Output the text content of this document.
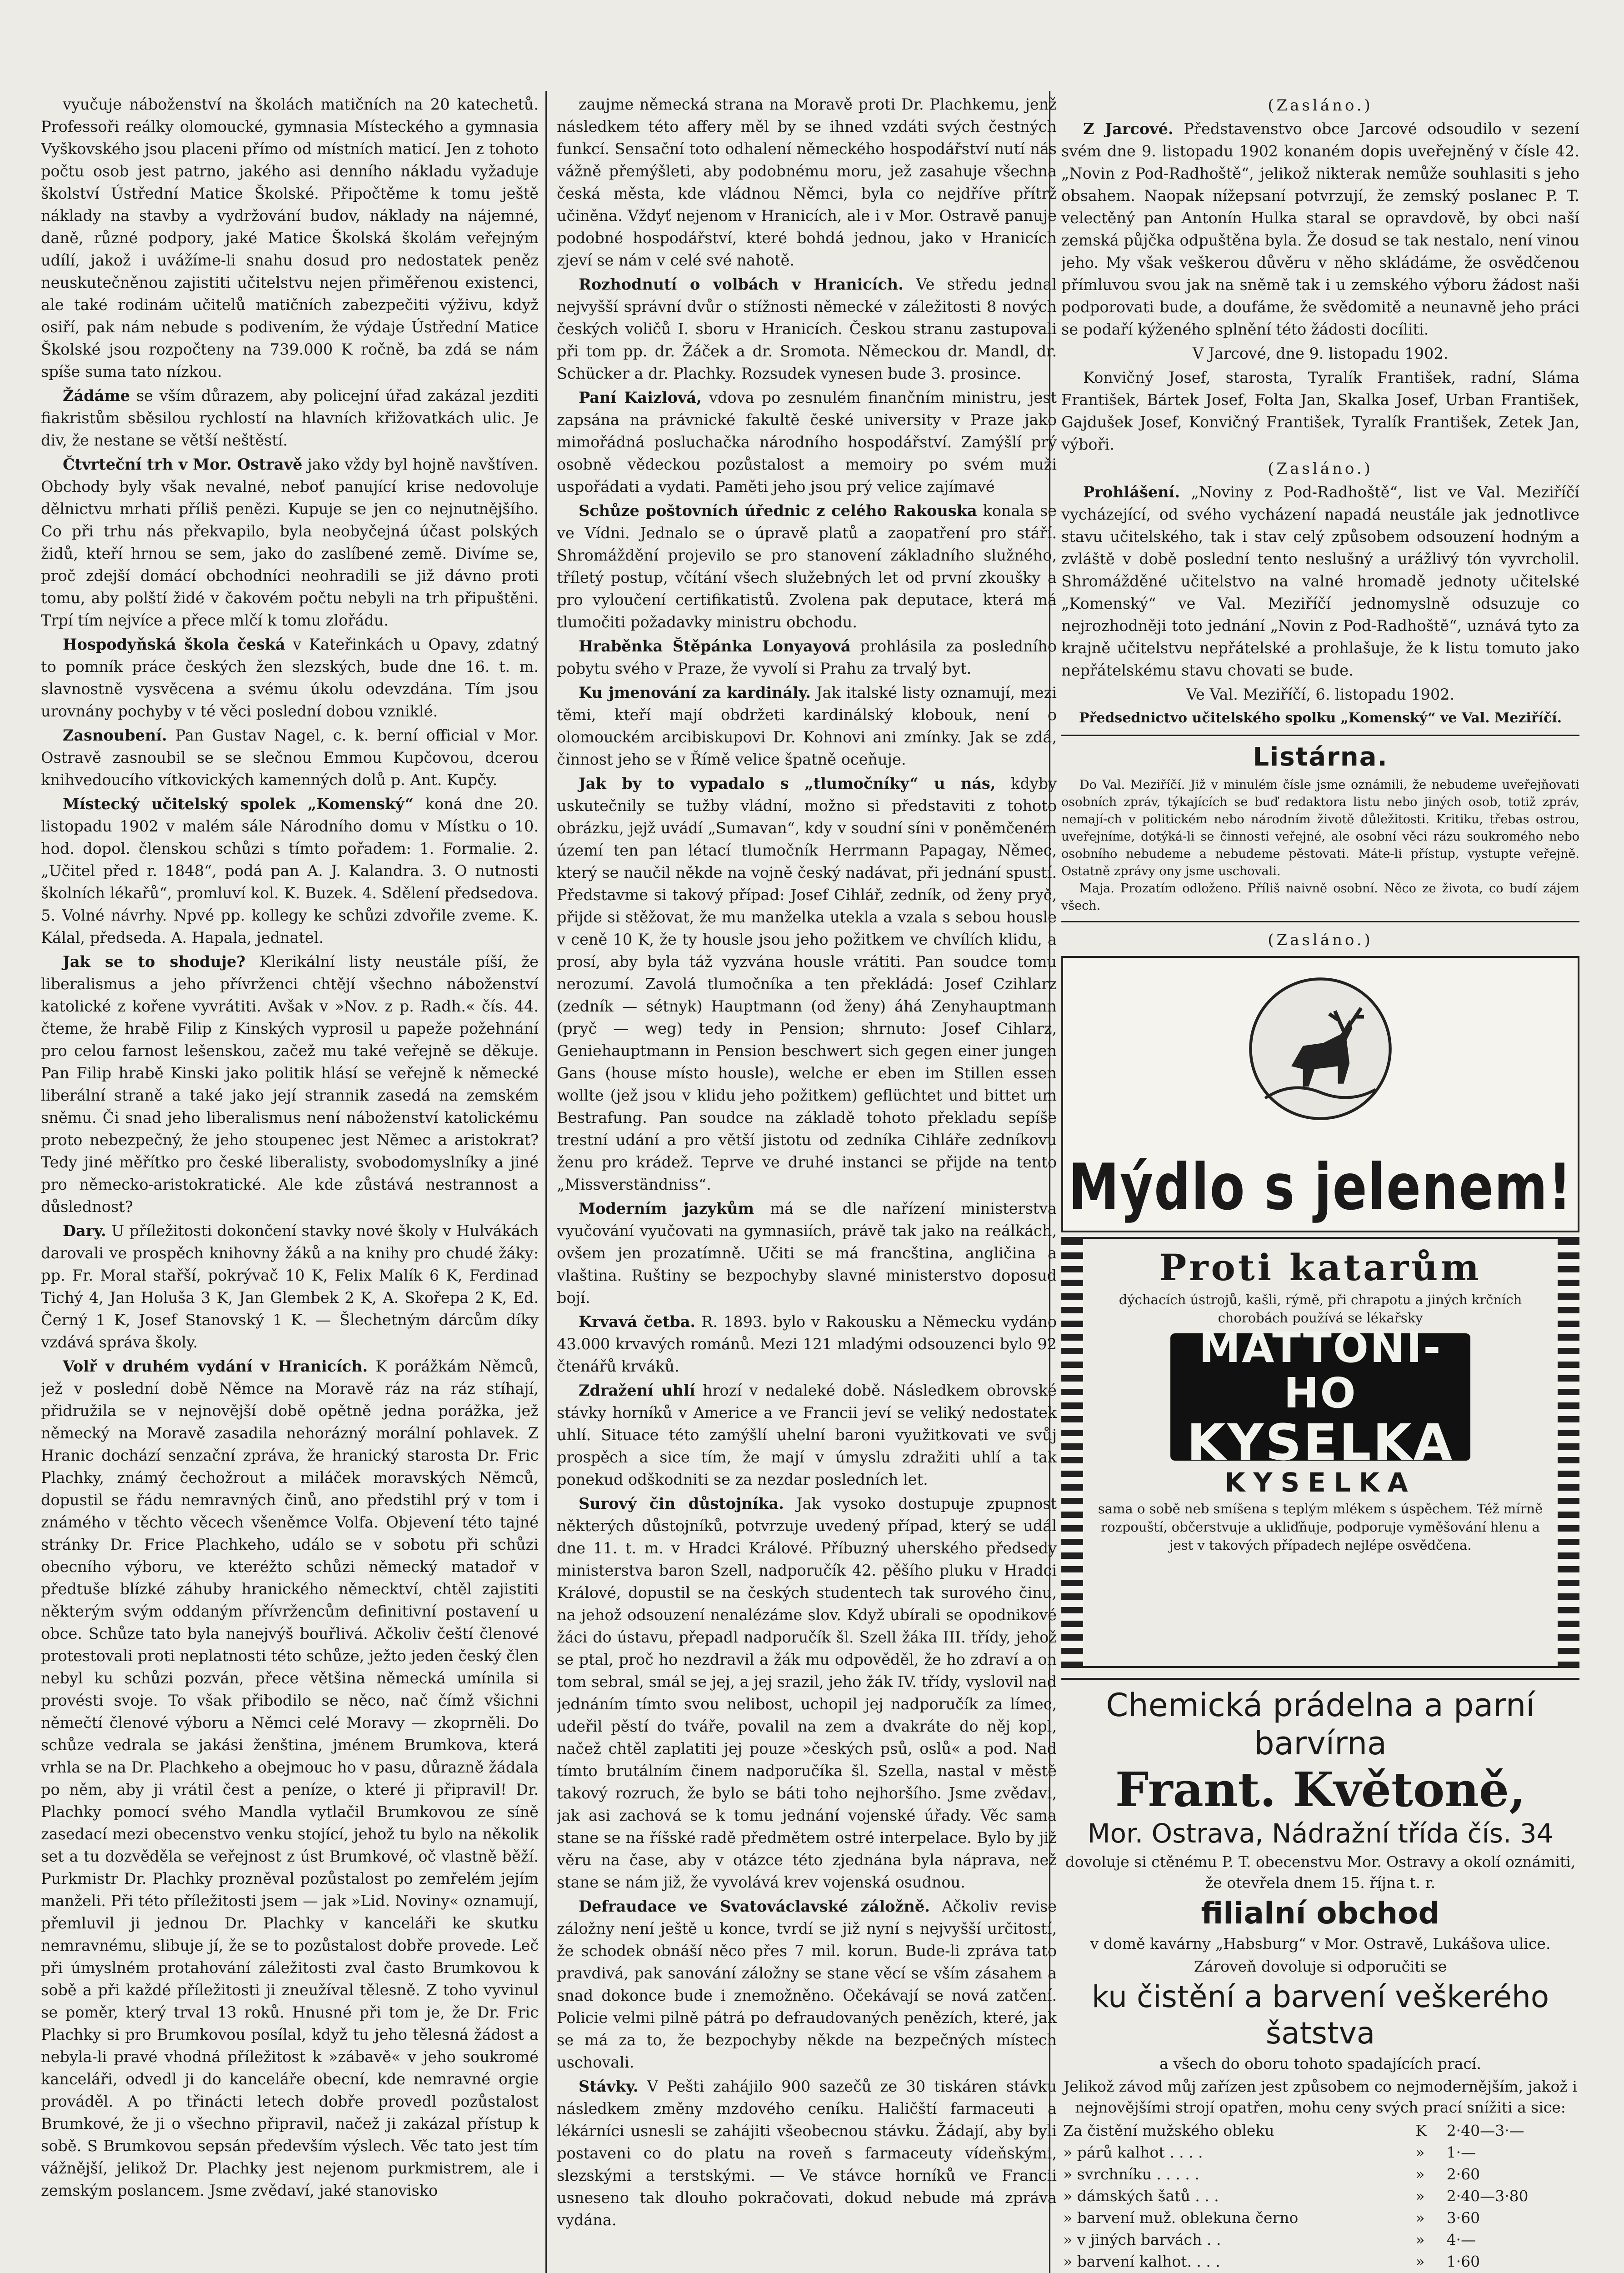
vyučuje náboženství na školách matičních na 20 katechetů. Professoři reálky olomoucké, gymnasia Místeckého a gymnasia Vyškovského jsou placeni přímo od místních maticí. Jen z tohoto počtu osob jest patrno, jakého asi denního nákladu vyžaduje školství Ústřední Matice Školské. Připočtěme k tomu ještě náklady na stavby a vydržování budov, náklady na nájemné, daně, různé podpory, jaké Matice Školská školám veřejným udílí, jakož i uvážíme-li snahu dosud pro nedostatek peněz neuskutečněnou zajistiti učitelstvu nejen přiměřenou existenci, ale také rodinám učitelů matičních zabezpečiti výživu, když osiří, pak nám nebude s podivením, že výdaje Ústřední Matice Školské jsou rozpočteny na 739.000 K ročně, ba zdá se nám spíše suma tato nízkou.

Žádáme se vším důrazem, aby policejní úřad zakázal jezditi fiakristům sběsilou rychlostí na hlavních křižovatkách ulic. Je div, že nestane se větší neštěstí.

Čtvrteční trh v Mor. Ostravě jako vždy byl hojně navštíven. Obchody byly však nevalné, neboť panující krise nedovoluje dělnictvu mrhati příliš penězi. Kupuje se jen co nejnutnějšího. Co při trhu nás překvapilo, byla neobyčejná účast polských židů, kteří hrnou se sem, jako do zaslíbené země. Divíme se, proč zdejší domácí obchodníci neohradili se již dávno proti tomu, aby polští židé v čakovém počtu nebyli na trh připuštěni. Trpí tím nejvíce a přece mlčí k tomu zlořádu.

Hospodyňská škola česká v Kateřinkách u Opavy, zdatný to pomník práce českých žen slezských, bude dne 16. t. m. slavnostně vysvěcena a svému úkolu odevzdána. Tím jsou urovnány pochyby v té věci poslední dobou vzniklé.

Zasnoubení. Pan Gustav Nagel, c. k. berní official v Mor. Ostravě zasnoubil se se slečnou Emmou Kupčovou, dcerou knihvedoucího vítkovických kamenných dolů p. Ant. Kupčy.

Místecký učitelský spolek „Komenský“ koná dne 20. listopadu 1902 v malém sále Národního domu v Místku o 10. hod. dopol. členskou schůzi s tímto pořadem: 1. Formalie. 2. „Učitel před r. 1848“, podá pan A. J. Kalandra. 3. O nutnosti školních lékařů“, promluví kol. K. Buzek. 4. Sdělení předsedova. 5. Volné návrhy. Npvé pp. kollegy ke schůzi zdvořile zveme. K. Kálal, předseda. A. Hapala, jednatel.

Jak se to shoduje? Klerikální listy neustále píší, že liberalismus a jeho přívrženci chtějí všechno náboženství katolické z kořene vyvrátiti. Avšak v »Nov. z p. Radh.« čís. 44. čteme, že hrabě Filip z Kinských vyprosil u papeže požehnání pro celou farnost lešenskou, začež mu také veřejně se děkuje. Pan Filip hrabě Kinski jako politik hlásí se veřejně k německé liberální straně a také jako její strannik zasedá na zemském sněmu. Či snad jeho liberalismus není náboženství katolickému proto nebezpečný, že jeho stoupenec jest Němec a aristokrat? Tedy jiné měřítko pro české liberalisty, svobodomyslníky a jiné pro německo-aristokratické. Ale kde zůstává nestrannost a důslednost?

Dary. U příležitosti dokončení stavky nové školy v Hulvákách darovali ve prospěch knihovny žáků a na knihy pro chudé žáky: pp. Fr. Moral stařší, pokrývač 10 K, Felix Malík 6 K, Ferdinad Tichý 4, Jan Holuša 3 K, Jan Glembek 2 K, A. Skořepa 2 K, Ed. Černý 1 K, Josef Stanovský 1 K. — Šlechetným dárcům díky vzdává správa školy.

Volř v druhém vydání v Hranicích. K porážkám Němců, jež v poslední době Němce na Moravě ráz na ráz stíhají, přidružila se v nejnovější době opětně jedna porážka, jež německý na Moravě zasadila nehorázný morální pohlavek. Z Hranic dochází senzační zpráva, že hranický starosta Dr. Fric Plachky, známý čechožrout a miláček moravských Němců, dopustil se řádu nemravných činů, ano předstihl prý v tom i známého v těchto věcech všeněmce Volfa. Objevení této tajné stránky Dr. Frice Plachkeho, událo se v sobotu při schůzi obecního výboru, ve kteréžto schůzi německý matadoř v předtuše blízké záhuby hranického německtví, chtěl zajistiti některým svým oddaným přívržencům definitivní postavení u obce. Schůze tato byla nanejvýš bouřlivá. Ačkoliv čeští členové protestovali proti neplatnosti této schůze, ježto jeden český člen nebyl ku schůzi pozván, přece většina německá umínila si provésti svoje. To však přibodilo se něco, nač čímž všichni němečtí členové výboru a Němci celé Moravy — zkoprněli. Do schůze vedrala se jakási ženština, jménem Brumkova, která vrhla se na Dr. Plachkeho a obejmouc ho v pasu, důrazně žádala po něm, aby ji vrátil čest a peníze, o které ji připravil! Dr. Plachky pomocí svého Mandla vytlačil Brumkovou ze síně zasedací mezi obecenstvo venku stojící, jehož tu bylo na několik set a tu dozvěděla se veřejnost z úst Brumkové, oč vlastně běží. Purkmistr Dr. Plachky prozněval pozůstalost po zemřelém jejím manželi. Při této příležitosti jsem — jak »Lid. Noviny« oznamují, přemluvil ji jednou Dr. Plachky v kanceláři ke skutku nemravnému, slibuje jí, že se to pozůstalost dobře provede. Leč při úmyslném protahování záležitosti zval často Brumkovou k sobě a při každé příležitosti ji zneužíval tělesně. Z toho vyvinul se poměr, který trval 13 roků. Hnusné při tom je, že Dr. Fric Plachky si pro Brumkovou posílal, když tu jeho tělesná žádost a nebyla-li pravé vhodná příležitost k »zábavě« v jeho soukromé kanceláři, odvedl ji do kanceláře obecní, kde nemravné orgie prováděl. A po třinácti letech dobře provedl pozůstalost Brumkové, že ji o všechno připravil, načež ji zakázal přístup k sobě. S Brumkovou sepsán především výslech. Věc tato jest tím vážnější, jelikož Dr. Plachky jest nejenom purkmistrem, ale i zemským poslancem. Jsme zvědaví, jaké stanovisko

zaujme německá strana na Moravě proti Dr. Plachkemu, jenž následkem této affery měl by se ihned vzdáti svých čestných funkcí. Sensační toto odhalení německého hospodářství nutí nás vážně přemýšleti, aby podobnému moru, jež zasahuje všechna česká města, kde vládnou Němci, byla co nejdříve přítrž učiněna. Vždyť nejenom v Hranicích, ale i v Mor. Ostravě panuje podobné hospodářství, které bohdá jednou, jako v Hranicích zjeví se nám v celé své nahotě.

Rozhodnutí o volbách v Hranicích. Ve středu jednal nejvyšší správní dvůr o stížnosti německé v záležitosti 8 nových českých voličů I. sboru v Hranicích. Českou stranu zastupovali při tom pp. dr. Žáček a dr. Sromota. Německou dr. Mandl, dr. Schücker a dr. Plachky. Rozsudek vynesen bude 3. prosince.

Paní Kaizlová, vdova po zesnulém finančním ministru, jest zapsána na právnické fakultě české university v Praze jako mimořádná posluchačka národního hospodářství. Zamýšlí prý osobně vědeckou pozůstalost a memoiry po svém muži uspořádati a vydati. Paměti jeho jsou prý velice zajímavé

Schůze poštovních úřednic z celého Rakouska konala se ve Vídni. Jednalo se o úpravě platů a zaopatření pro stáří. Shromáždění projevilo se pro stanovení základního služného, tříletý postup, včítání všech služebných let od první zkoušky a pro vyloučení certifikatistů. Zvolena pak deputace, která má tlumočiti požadavky ministru obchodu.

Hraběnka Štěpánka Lonyayová prohlásila za posledního pobytu svého v Praze, že vyvolí si Prahu za trvalý byt.

Ku jmenování za kardinály. Jak italské listy oznamují, mezi těmi, kteří mají obdržeti kardinálský klobouk, není o olomouckém arcibiskupovi Dr. Kohnovi ani zmínky. Jak se zdá, činnost jeho se v Římě velice špatně oceňuje.

Jak by to vypadalo s „tlumočníky“ u nás, kdyby uskutečnily se tužby vládní, možno si představiti z tohoto obrázku, jejž uvádí „Sumavan“, kdy v soudní síni v poněmčeném území ten pan létací tlumočník Herrmann Papagay, Němec, který se naučil někde na vojně český nadávat, při jednání spustí. Představme si takový případ: Josef Cihlář, zedník, od ženy pryč, přijde si stěžovat, že mu manželka utekla a vzala s sebou housle v ceně 10 K, že ty housle jsou jeho požitkem ve chvílích klidu, a prosí, aby byla táž vyzvána housle vrátiti. Pan soudce tomu nerozumí. Zavolá tlumočníka a ten překládá: Josef Czihlarz (zedník — sétnyk) Hauptmann (od ženy) áhá Zenyhauptmann (pryč — weg) tedy in Pension; shrnuto: Josef Cihlarz, Geniehauptmann in Pension beschwert sich gegen einer jungen Gans (house místo housle), welche er eben im Stillen essen wollte (jež jsou v klidu jeho požitkem) geflüchtet und bittet um Bestrafung. Pan soudce na základě tohoto překladu sepíše trestní udání a pro větší jistotu od zedníka Cihláře zedníkovu ženu pro krádež. Teprve ve druhé instanci se přijde na tento „Missverständniss“.

Moderním jazykům má se dle nařízení ministerstva vyučování vyučovati na gymnasiích, právě tak jako na reálkách, ovšem jen prozatímně. Učiti se má francština, angličina a vlaština. Ruštiny se bezpochyby slavné ministerstvo doposud bojí.

Krvavá četba. R. 1893. bylo v Rakousku a Německu vydáno 43.000 krvavých románů. Mezi 121 mladými odsouzenci bylo 92 čtenářů krváků.

Zdražení uhlí hrozí v nedaleké době. Následkem obrovské stávky horníků v Americe a ve Francii jeví se veliký nedostatek uhlí. Situace této zamýšlí uhelní baroni využitkovati ve svůj prospěch a sice tím, že mají v úmyslu zdražiti uhlí a tak ponekud odškodniti se za nezdar posledních let.

Surový čin důstojníka. Jak vysoko dostupuje zpupnost některých důstojníků, potvrzuje uvedený případ, který se udál dne 11. t. m. v Hradci Králové. Příbuzný uherského předsedy ministerstva baron Szell, nadporučík 42. pěšího pluku v Hradci Králové, dopustil se na českých studentech tak surového činu, na jehož odsouzení nenalézáme slov. Když ubírali se opodnikové žáci do ústavu, přepadl nadporučík šl. Szell žáka III. třídy, jehož se ptal, proč ho nezdravil a žák mu odpověděl, že ho zdraví a on tom sebral, smál se jej, a jej srazil, jeho žák IV. třídy, vyslovil nad jednáním tímto svou nelibost, uchopil jej nadporučík za límec, udeřil pěstí do tváře, povalil na zem a dvakráte do něj kopl, načež chtěl zaplatiti jej pouze »českých psů, oslů« a pod. Nad tímto brutálním činem nadporučíka šl. Szella, nastal v městě takový rozruch, že bylo se báti toho nejhoršího. Jsme zvědavi, jak asi zachová se k tomu jednání vojenské úřady. Věc sama stane se na říšské radě předmětem ostré interpelace. Bylo by již věru na čase, aby v otázce této zjednána byla náprava, než stane se nám již, že vyvolává krev vojenská osudnou.

Defraudace ve Svatováclavské záložně. Ačkoliv revise záložny není ještě u konce, tvrdí se již nyní s nejvyšší určitostí, že schodek obnáší něco přes 7 mil. korun. Bude-li zpráva tato pravdivá, pak sanování záložny se stane věcí se vším zásahem a snad dokonce bude i znemožněno. Očekávají se nová zatčení. Policie velmi pilně pátrá po defraudovaných penězích, které, jak se má za to, že bezpochyby někde na bezpečných místech uschovali.

Stávky. V Pešti zahájilo 900 sazečů ze 30 tiskáren stávku následkem změny mzdového ceníku. Haličští farmaceuti a lékárníci usnesli se zahájiti všeobecnou stávku. Žádají, aby byli postaveni co do platu na roveň s farmaceuty vídeňskými, slezskými a terstskými. — Ve stávce horníků ve Francii usneseno tak dlouho pokračovati, dokud nebude má zpráva vydána.

(Zasláno.)

Z Jarcové. Představenstvo obce Jarcové odsoudilo v sezení svém dne 9. listopadu 1902 konaném dopis uveřejněný v čísle 42. „Novin z Pod-Radhoště“, jelikož nikterak nemůže souhlasiti s jeho obsahem. Naopak nížepsaní potvrzují, že zemský poslanec P. T. velectěný pan Antonín Hulka staral se opravdově, by obci naší zemská půjčka odpuštěna byla. Že dosud se tak nestalo, není vinou jeho. My však veškerou důvěru v něho skládáme, že osvědčenou přímluvou svou jak na sněmě tak i u zemského výboru žádost naši podporovati bude, a doufáme, že svědomitě a neunavně jeho práci se podaří kýženého splnění této žádosti docíliti.

V Jarcové, dne 9. listopadu 1902.

Konvičný Josef, starosta, Tyralík František, radní, Sláma František, Bártek Josef, Folta Jan, Skalka Josef, Urban František, Gajdušek Josef, Konvičný František, Tyralík František, Zetek Jan, výboři.

(Zasláno.)

Prohlášení. „Noviny z Pod-Radhoště“, list ve Val. Meziříčí vycházející, od svého vycházení napadá neustále jak jednotlivce stavu učitelského, tak i stav celý způsobem odsouzení hodným a zvláště v době poslední tento neslušný a urážlivý tón vyvrcholil. Shromážděné učitelstvo na valné hromadě jednoty učitelské „Komenský“ ve Val. Meziříčí jednomyslně odsuzuje co nejrozhodněji toto jednání „Novin z Pod-Radhoště“, uznává tyto za krajně učitelstvu nepřátelské a prohlašuje, že k listu tomuto jako nepřátelskému stavu chovati se bude.

Ve Val. Meziříčí, 6. listopadu 1902.

Předsednictvo učitelského spolku „Komenský“ ve Val. Meziříčí.
Listárna.

Do Val. Meziříčí. Již v minulém čísle jsme oznámili, že nebudeme uveřejňovati osobních zpráv, týkajících se buď redaktora listu nebo jiných osob, totiž zpráv, nemají-ch v politickém nebo národním životě důležitosti. Kritiku, třebas ostrou, uveřejníme, dotýká-li se činnosti veřejné, ale osobní věci rázu soukromého nebo osobního nebudeme a nebudeme pěstovati. Máte-li přístup, vystupte veřejně. Ostatně zprávy ony jsme uschovali.

Maja. Prozatím odloženo. Příliš naivně osobní. Něco ze života, co budí zájem všech.

(Zasláno.)
Mýdlo s jelenem!

Proti katarům

dýchacích ústrojů, kašli, rýmě, při chrapotu a jiných krčních chorobách používá se lékařsky

MATTONI-HO
KYSELKA

KYSELKA

sama o sobě neb smíšena s teplým mlékem s úspěchem. Též mírně rozpouští, občerstvuje a ukliďňuje, podporuje vyměšování hlenu a jest v takových případech nejlépe osvědčena.

Chemická prádelna a parní barvírna
Frant. Květoně,

Mor. Ostrava, Nádražní třída čís. 34

dovoluje si ctěnému P. T. obecenstvu Mor. Ostravy a okolí oznámiti, že otevřela dnem 15. října t. r.

filialní obchod

v domě kavárny „Habsburg“ v Mor. Ostravě, Lukášova ulice.

Zároveň dovoluje si odporučiti se

ku čistění a barvení veškerého šatstva

a všech do oboru tohoto spadajících prací.

Jelikož závod můj zařízen jest způsobem co nejmodernějším, jakož i nejnovějšími strojí opatřen, mohu ceny svých prací snížiti a sice:

Za čistění mužského obleku	K	2·40—3·—
» párů kalhot . . . .	»	1·—
» svrchníku . . . . .	»	2·60
» dámských šatů . . .	»	2·40—3·80
» barvení muž. oblekuna černo	»	3·60
» v jiných barvách . .	»	4·—
» barvení kalhot. . . .	»	1·60
